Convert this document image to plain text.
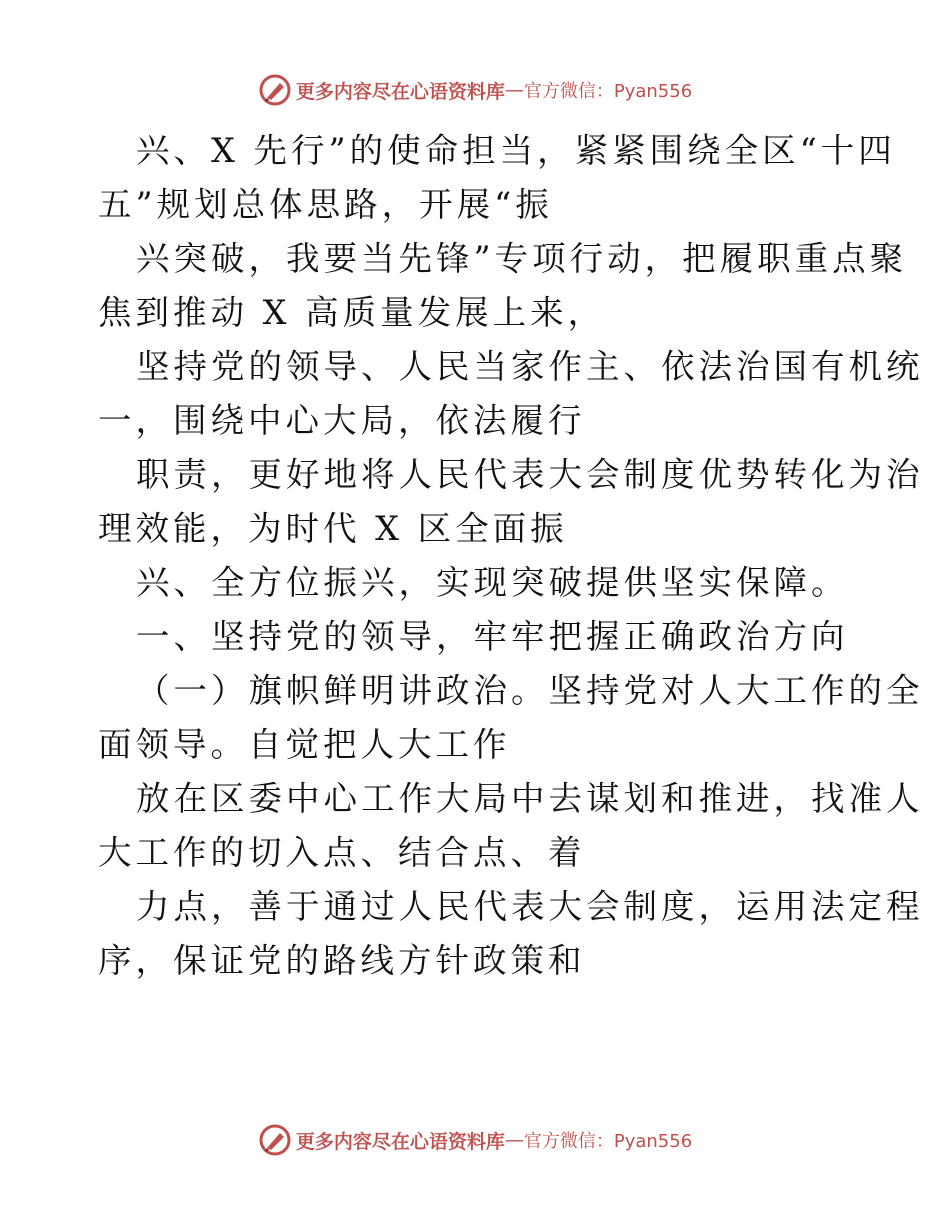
更多内容尽在心语资料库 — 官方微信：Pyan556
兴、X 先行”的使命担当，紧紧围绕全区“十四
五”规划总体思路，开展“振
兴突破，我要当先锋”专项行动，把履职重点聚
焦到推动 X 高质量发展上来，
坚持党的领导、人民当家作主、依法治国有机统
一，围绕中心大局，依法履行
职责，更好地将人民代表大会制度优势转化为治
理效能，为时代 X 区全面振
兴、全方位振兴，实现突破提供坚实保障。
一、坚持党的领导，牢牢把握正确政治方向
（一）旗帜鲜明讲政治。坚持党对人大工作的全
面领导。自觉把人大工作
放在区委中心工作大局中去谋划和推进，找准人
大工作的切入点、结合点、着
力点，善于通过人民代表大会制度，运用法定程
序，保证党的路线方针政策和
更多内容尽在心语资料库 — 官方微信：Pyan556
